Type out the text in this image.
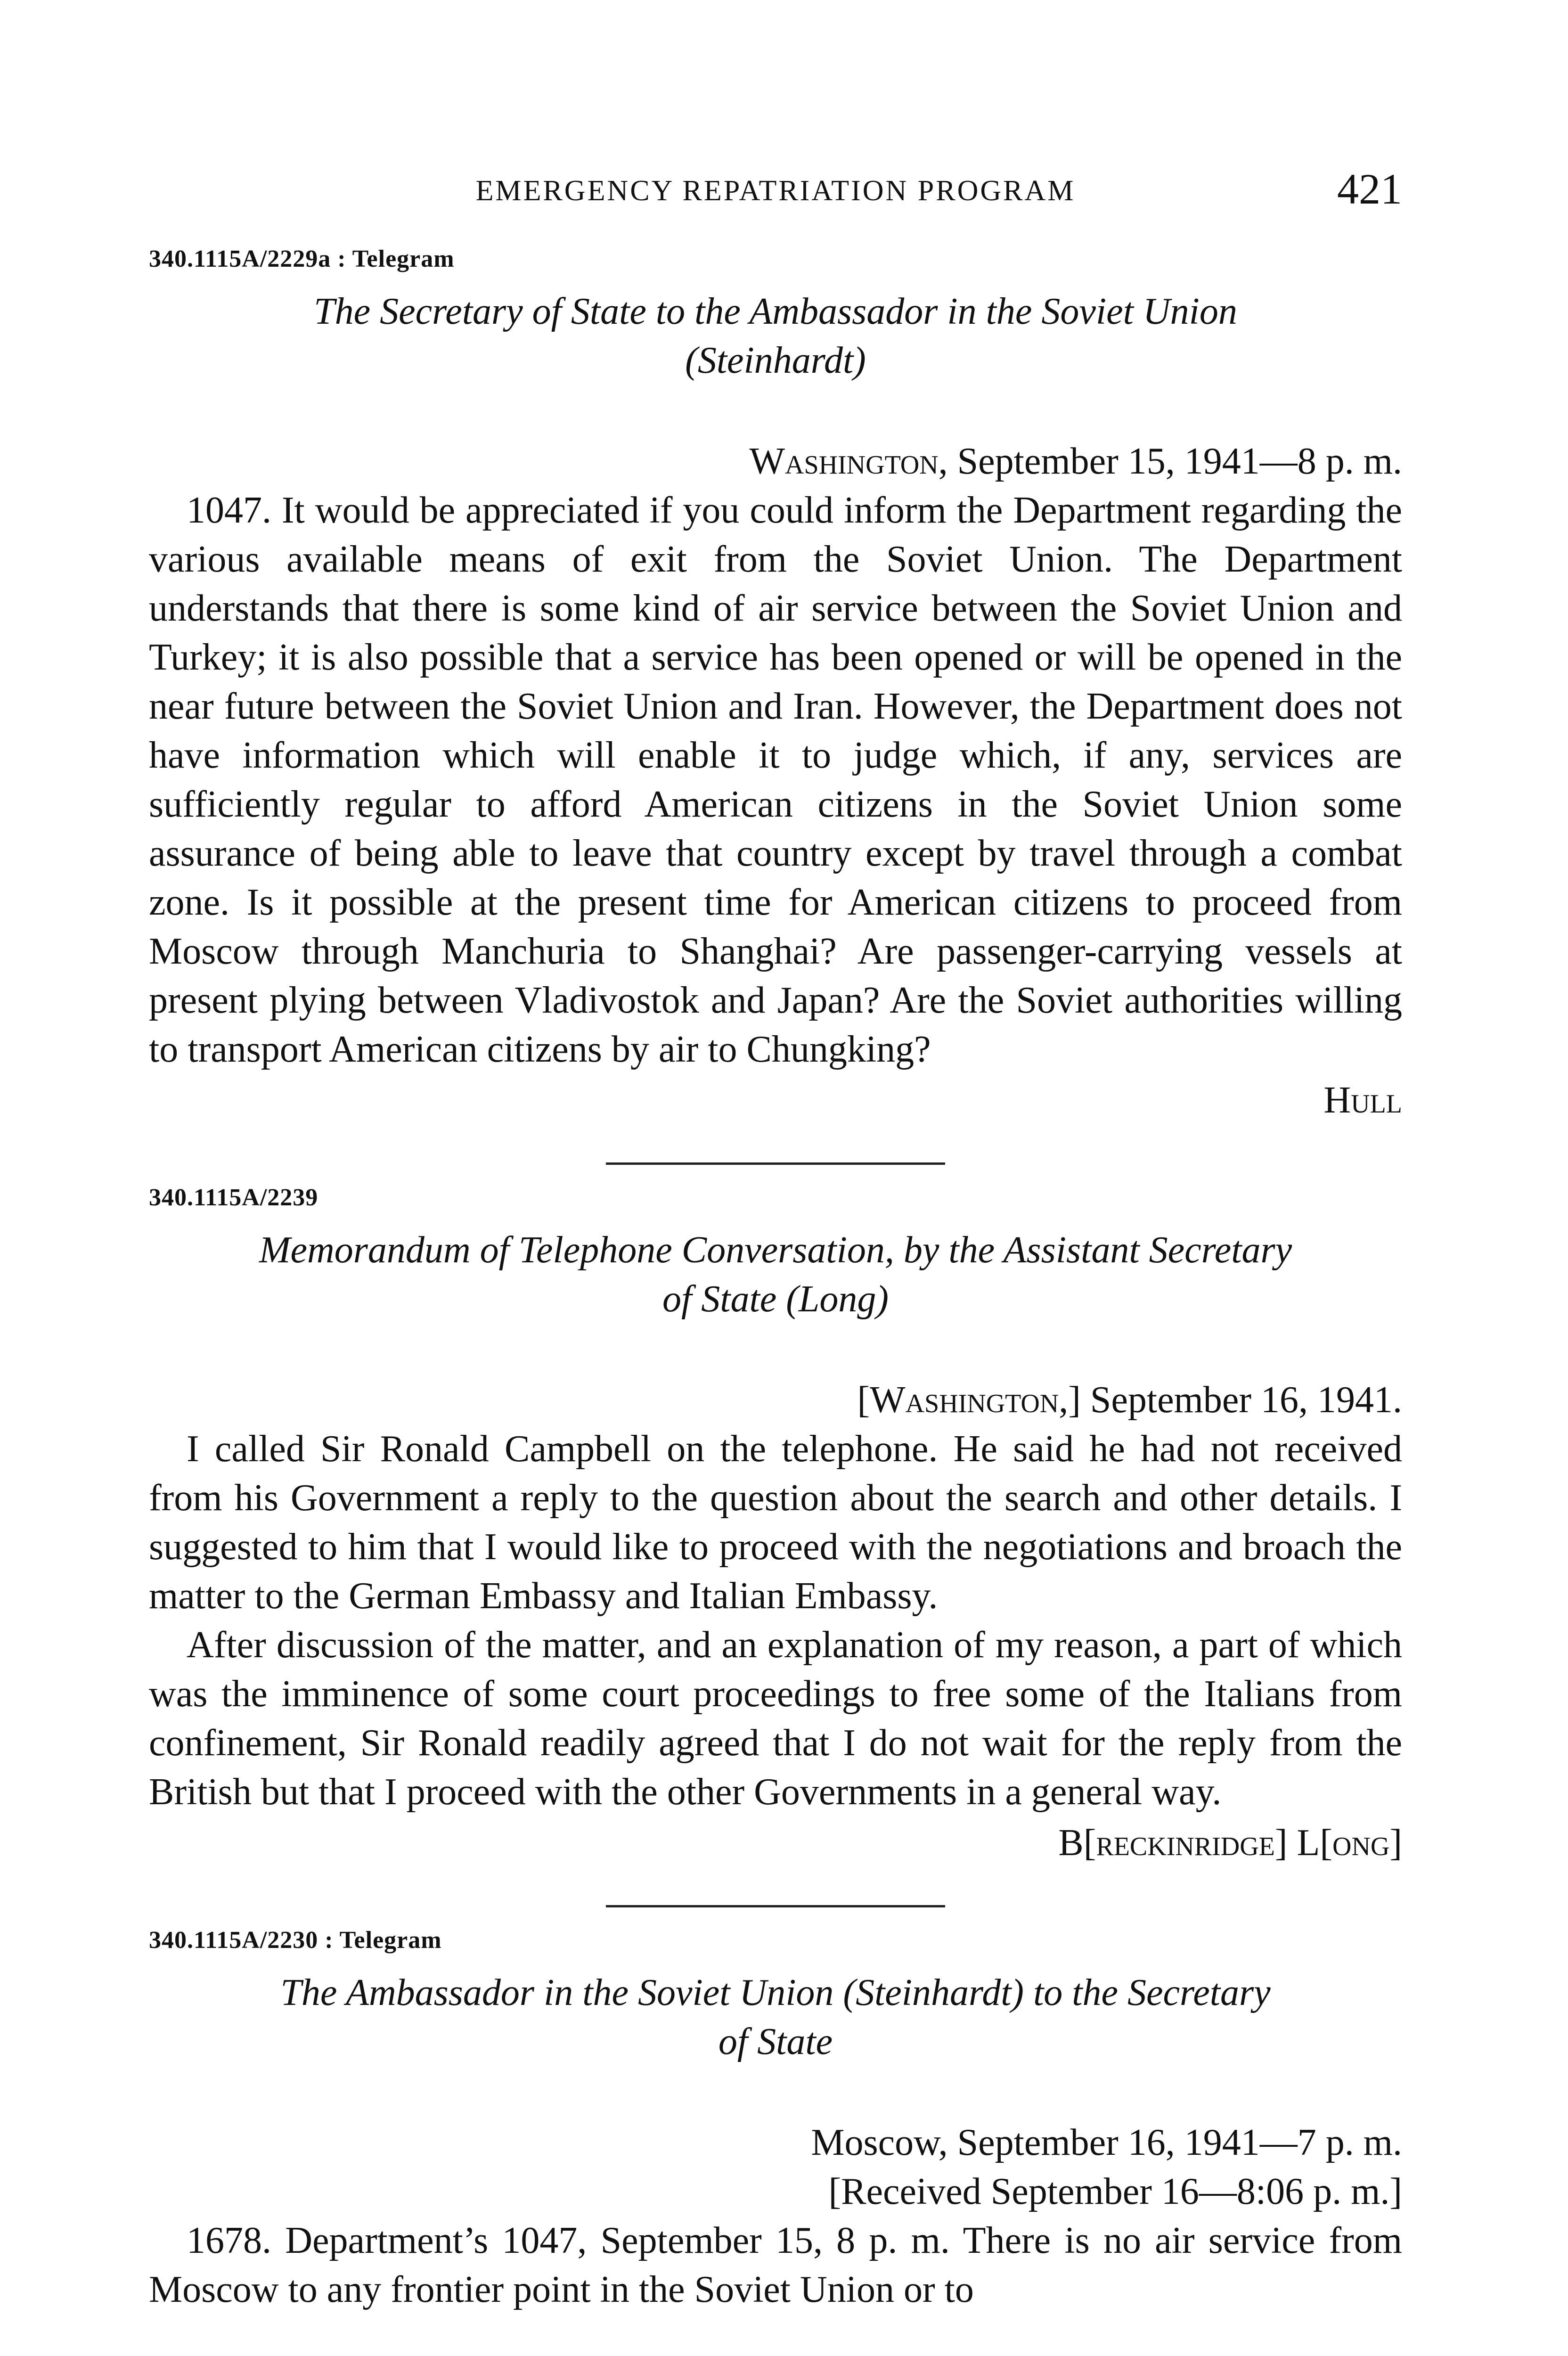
EMERGENCY REPATRIATION PROGRAM	421
340.1115A/2229a : Telegram
The Secretary of State to the Ambassador in the Soviet Union
(Steinhardt)
Washington, September 15, 1941—8 p. m.

1047. It would be appreciated if you could inform the Department regarding the various available means of exit from the Soviet Union. The Department understands that there is some kind of air service between the Soviet Union and Turkey; it is also possible that a service has been opened or will be opened in the near future between the Soviet Union and Iran. However, the Department does not have information which will enable it to judge which, if any, services are sufficiently regular to afford American citizens in the Soviet Union some assurance of being able to leave that country except by travel through a combat zone. Is it possible at the present time for American citizens to proceed from Moscow through Manchuria to Shanghai? Are passenger-carrying vessels at present plying between Vladivostok and Japan? Are the Soviet authorities willing to transport American citizens by air to Chungking?

Hull
340.1115A/2239
Memorandum of Telephone Conversation, by the Assistant Secretary
of State (Long)
[Washington,] September 16, 1941.

I called Sir Ronald Campbell on the telephone. He said he had not received from his Government a reply to the question about the search and other details. I suggested to him that I would like to proceed with the negotiations and broach the matter to the German Embassy and Italian Embassy.

After discussion of the matter, and an explanation of my reason, a part of which was the imminence of some court proceedings to free some of the Italians from confinement, Sir Ronald readily agreed that I do not wait for the reply from the British but that I proceed with the other Governments in a general way.

B[reckinridge] L[ong]
340.1115A/2230 : Telegram
The Ambassador in the Soviet Union (Steinhardt) to the Secretary
of State
Moscow, September 16, 1941—7 p. m.
[Received September 16—8:06 p. m.]

1678. Department’s 1047, September 15, 8 p. m. There is no air service from Moscow to any frontier point in the Soviet Union or to
